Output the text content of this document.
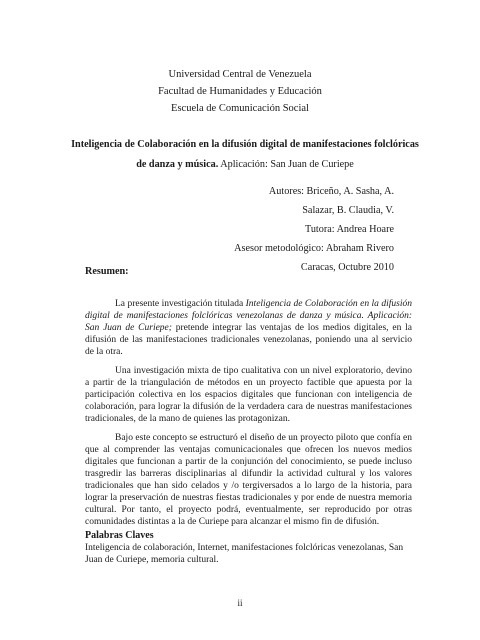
Universidad Central de Venezuela
Facultad de Humanidades y Educación
Escuela de Comunicación Social
Inteligencia de Colaboración en la difusión digital de manifestaciones folclóricas
de danza y música. Aplicación: San Juan de Curiepe
Autores: Briceño, A. Sasha, A.
Salazar, B. Claudia, V.
Tutora: Andrea Hoare
Asesor metodológico: Abraham Rivero
Caracas, Octubre 2010
Resumen:

La presente investigación titulada Inteligencia de Colaboración en la difusión digital de manifestaciones folclóricas venezolanas de danza y música. Aplicación: San Juan de Curiepe; pretende integrar las ventajas de los medios digitales, en la difusión de las manifestaciones tradicionales venezolanas, poniendo una al servicio de la otra.

Una investigación mixta de tipo cualitativa con un nivel exploratorio, devino a partir de la triangulación de métodos en un proyecto factible que apuesta por la participación colectiva en los espacios digitales que funcionan con inteligencia de colaboración, para lograr la difusión de la verdadera cara de nuestras manifestaciones tradicionales, de la mano de quienes las protagonizan.

Bajo este concepto se estructuró el diseño de un proyecto piloto que confía en que al comprender las ventajas comunicacionales que ofrecen los nuevos medios digitales que funcionan a partir de la conjunción del conocimiento, se puede incluso trasgredir las barreras disciplinarias al difundir la actividad cultural y los valores tradicionales que han sido celados y /o tergiversados a lo largo de la historia, para lograr la preservación de nuestras fiestas tradicionales y por ende de nuestra memoria cultural. Por tanto, el proyecto podrá, eventualmente, ser reproducido por otras comunidades distintas a la de Curiepe para alcanzar el mismo fin de difusión.

Palabras Claves
Inteligencia de colaboración, Internet, manifestaciones folclóricas venezolanas, San Juan de Curiepe, memoria cultural.
ii
